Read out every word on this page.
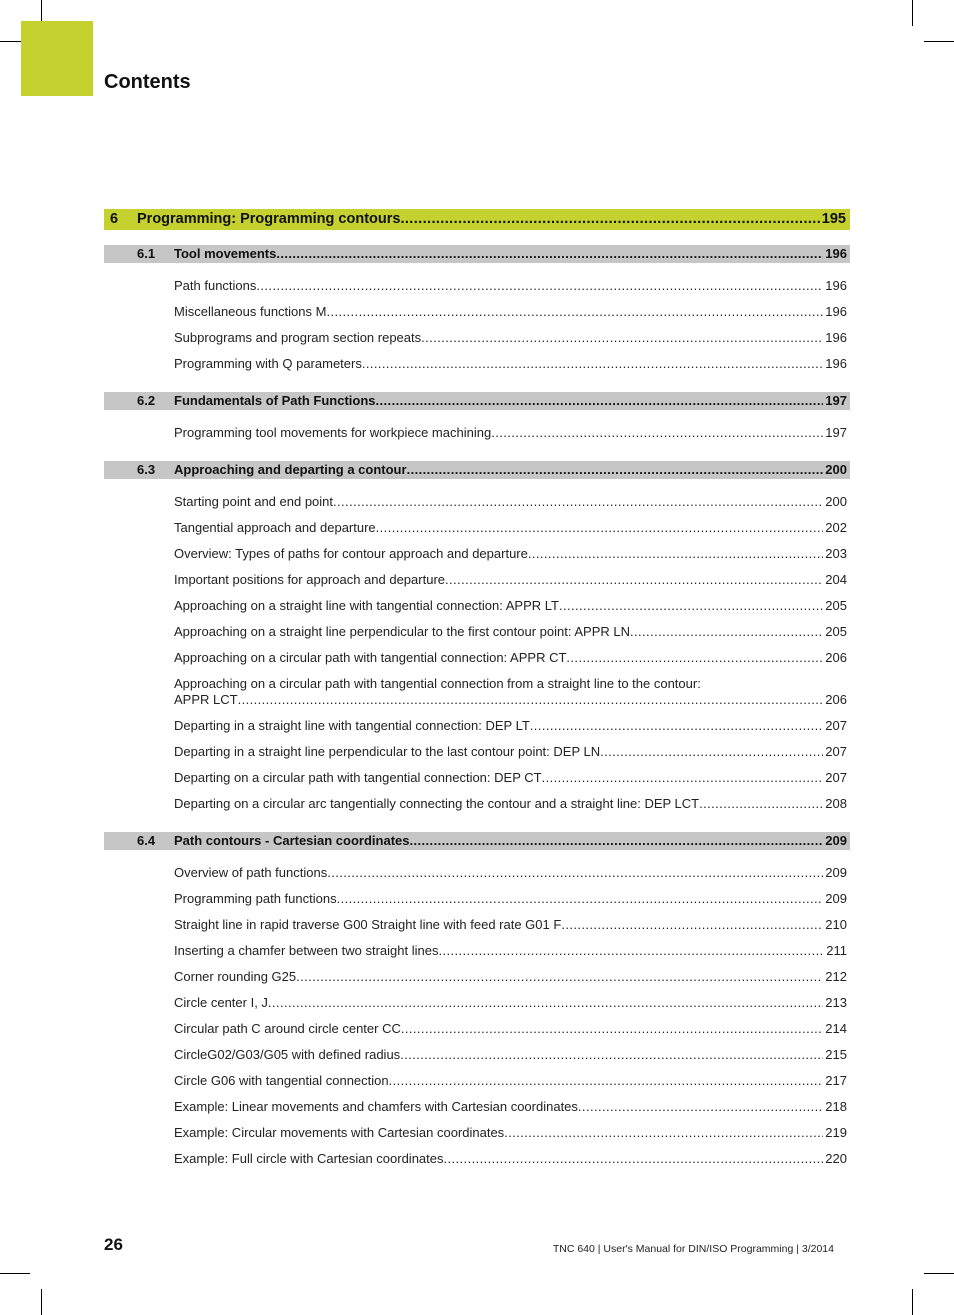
Contents
6 Programming: Programming contours .....	195
6.1 Tool movements .....	196
Path functions .....	196
Miscellaneous functions M .....	196
Subprograms and program section repeats .....	196
Programming with Q parameters .....	196
6.2 Fundamentals of Path Functions .....	197
Programming tool movements for workpiece machining .....	197
6.3 Approaching and departing a contour .....	200
Starting point and end point .....	200
Tangential approach and departure .....	202
Overview: Types of paths for contour approach and departure .....	203
Important positions for approach and departure .....	204
Approaching on a straight line with tangential connection: APPR LT .....	205
Approaching on a straight line perpendicular to the first contour point: APPR LN .....	205
Approaching on a circular path with tangential connection: APPR CT .....	206
Approaching on a circular path with tangential connection from a straight line to the contour:
APPR LCT .....	206
Departing in a straight line with tangential connection: DEP LT .....	207
Departing in a straight line perpendicular to the last contour point: DEP LN .....	207
Departing on a circular path with tangential connection: DEP CT .....	207
Departing on a circular arc tangentially connecting the contour and a straight line: DEP LCT .....	208
6.4 Path contours - Cartesian coordinates .....	209
Overview of path functions .....	209
Programming path functions .....	209
Straight line in rapid traverse G00 Straight line with feed rate G01 F .....	210
Inserting a chamfer between two straight lines .....	211
Corner rounding G25 .....	212
Circle center I, J .....	213
Circular path C around circle center CC .....	214
CircleG02/G03/G05 with defined radius .....	215
Circle G06 with tangential connection .....	217
Example: Linear movements and chamfers with Cartesian coordinates .....	218
Example: Circular movements with Cartesian coordinates .....	219
Example: Full circle with Cartesian coordinates .....	220
26	TNC 640 | User's Manual for DIN/ISO Programming | 3/2014
